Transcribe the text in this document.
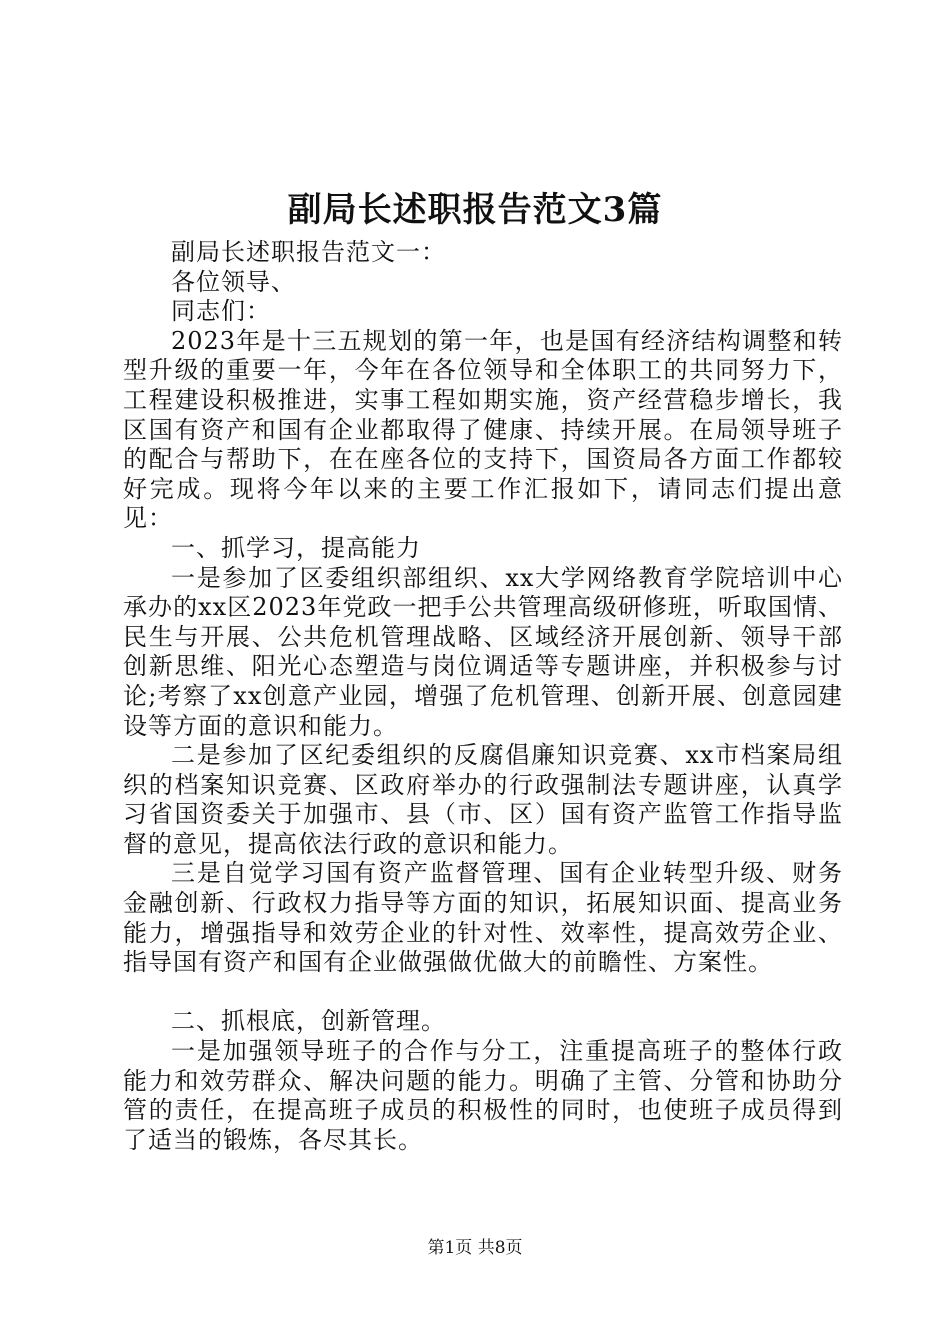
副局长述职报告范文3篇

副局长述职报告范文一：

各位领导、

同志们：

2023年是十三五规划的第一年，也是国有经济结构调整和转型升级的重要一年，今年在各位领导和全体职工的共同努力下，工程建设积极推进，实事工程如期实施，资产经营稳步增长，我区国有资产和国有企业都取得了健康、持续开展。在局领导班子的配合与帮助下，在在座各位的支持下，国资局各方面工作都较好完成。现将今年以来的主要工作汇报如下，请同志们提出意见：

一、抓学习，提高能力

一是参加了区委组织部组织、xx大学网络教育学院培训中心承办的xx区2023年党政一把手公共管理高级研修班，听取国情、民生与开展、公共危机管理战略、区域经济开展创新、领导干部创新思维、阳光心态塑造与岗位调适等专题讲座，并积极参与讨论;考察了xx创意产业园，增强了危机管理、创新开展、创意园建设等方面的意识和能力。

二是参加了区纪委组织的反腐倡廉知识竞赛、xx市档案局组织的档案知识竞赛、区政府举办的行政强制法专题讲座，认真学习省国资委关于加强市、县（市、区）国有资产监管工作指导监督的意见，提高依法行政的意识和能力。

三是自觉学习国有资产监督管理、国有企业转型升级、财务金融创新、行政权力指导等方面的知识，拓展知识面、提高业务能力，增强指导和效劳企业的针对性、效率性，提高效劳企业、指导国有资产和国有企业做强做优做大的前瞻性、方案性。

二、抓根底，创新管理。

一是加强领导班子的合作与分工，注重提高班子的整体行政能力和效劳群众、解决问题的能力。明确了主管、分管和协助分管的责任，在提高班子成员的积极性的同时，也使班子成员得到了适当的锻炼，各尽其长。

第1页 共8页
